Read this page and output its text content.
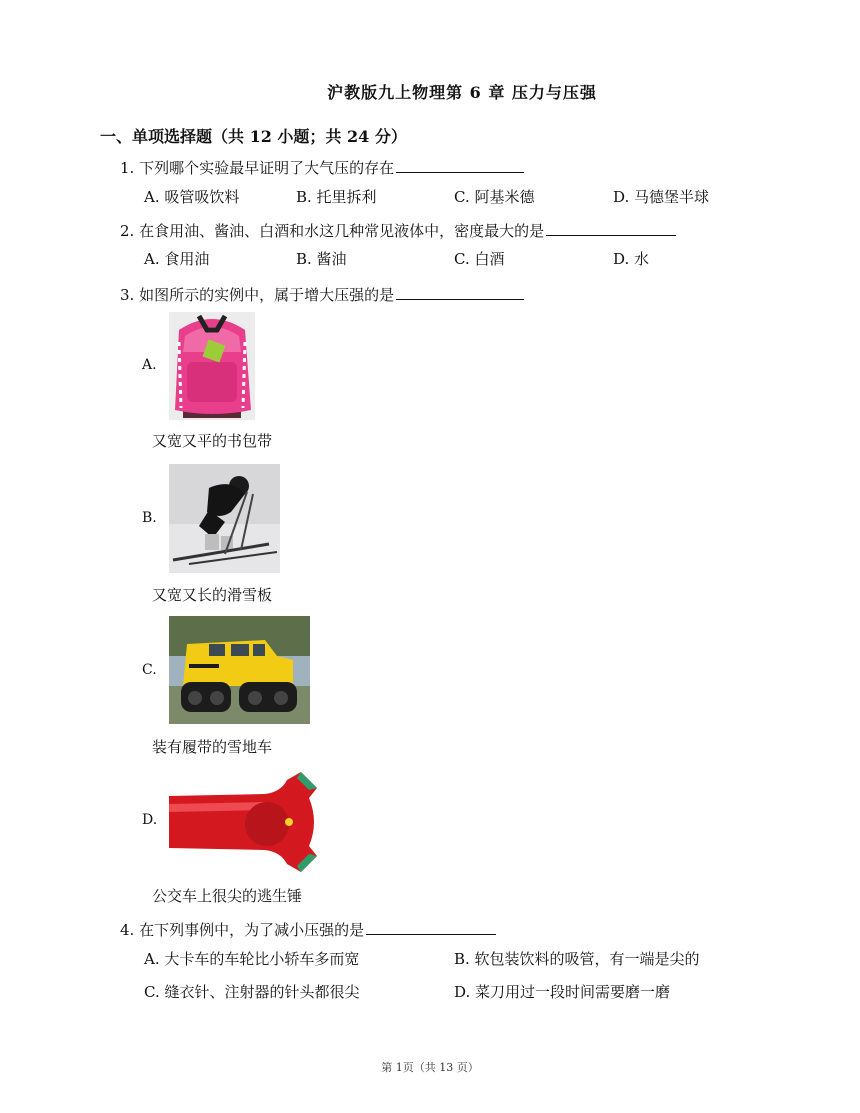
沪教版九上物理第 6 章 压力与压强
一、单项选择题（共 12 小题；共 24 分）
1. 下列哪个实验最早证明了大气压的存在
A. 吸管吸饮料	B. 托里拆利	C. 阿基米德	D. 马德堡半球
2. 在食用油、酱油、白酒和水这几种常见液体中，密度最大的是
A. 食用油	B. 酱油	C. 白酒	D. 水
3. 如图所示的实例中，属于增大压强的是
A.
又宽又平的书包带
B.
又宽又长的滑雪板
C.
装有履带的雪地车
D.
公交车上很尖的逃生锤
4. 在下列事例中，为了减小压强的是
A. 大卡车的车轮比小轿车多而宽	B. 软包装饮料的吸管，有一端是尖的
C. 缝衣针、注射器的针头都很尖	D. 菜刀用过一段时间需要磨一磨
第 1页（共 13 页）
